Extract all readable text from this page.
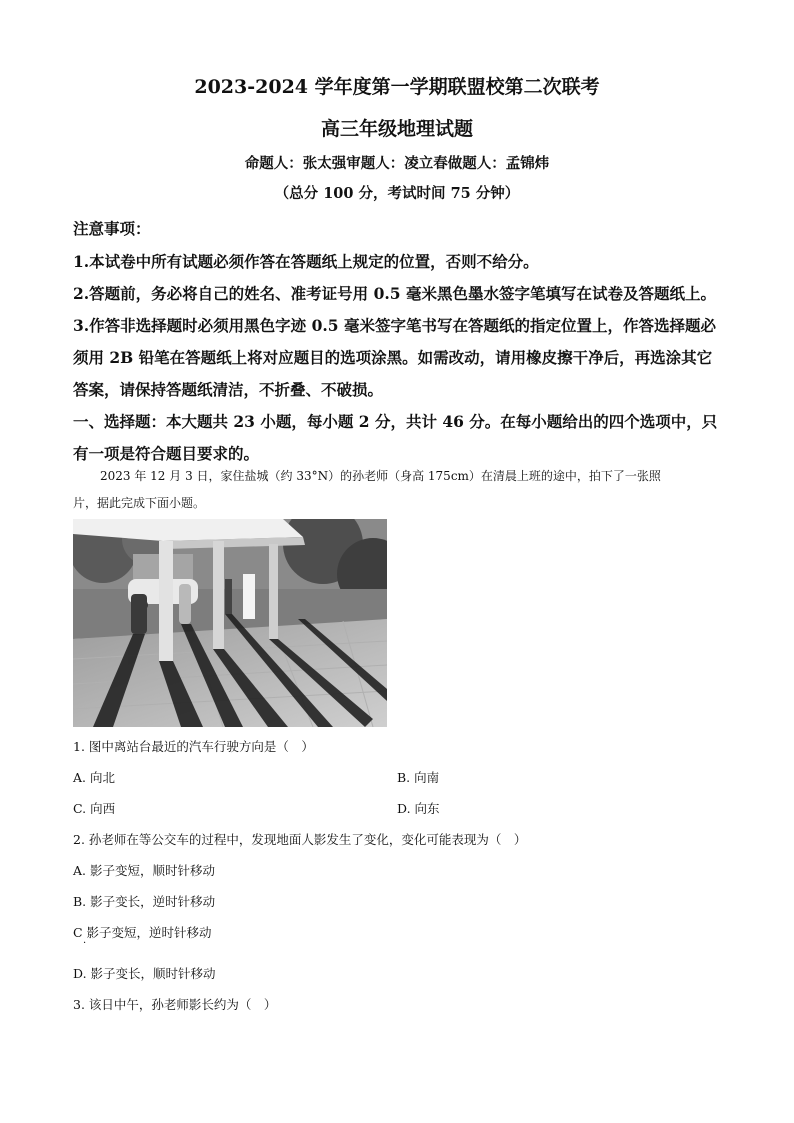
2023-2024 学年度第一学期联盟校第二次联考
高三年级地理试题
命题人：张太强审题人：凌立春做题人：孟锦炜
（总分 100 分，考试时间 75 分钟）
注意事项：
1.本试卷中所有试题必须作答在答题纸上规定的位置，否则不给分。
2.答题前，务必将自己的姓名、准考证号用 0.5 毫米黑色墨水签字笔填写在试卷及答题纸上。
3.作答非选择题时必须用黑色字迹 0.5 毫米签字笔书写在答题纸的指定位置上，作答选择题必
须用 2B 铅笔在答题纸上将对应题目的选项涂黑。如需改动，请用橡皮擦干净后，再选涂其它
答案，请保持答题纸清洁，不折叠、不破损。
一、选择题：本大题共 23 小题，每小题 2 分，共计 46 分。在每小题给出的四个选项中，只
有一项是符合题目要求的。
2023 年 12 月 3 日，家住盐城（约 33°N）的孙老师（身高 175cm）在清晨上班的途中，拍下了一张照
片，据此完成下面小题。
1. 图中离站台最近的汽车行驶方向是（　）
A. 向北	B. 向南
C. 向西	D. 向东
2. 孙老师在等公交车的过程中，发现地面人影发生了变化，变化可能表现为（　）
A. 影子变短，顺时针移动
B. 影子变长，逆时针移动
C 影子变短，逆时针移动
·
D. 影子变长，顺时针移动
3. 该日中午，孙老师影长约为（　）
